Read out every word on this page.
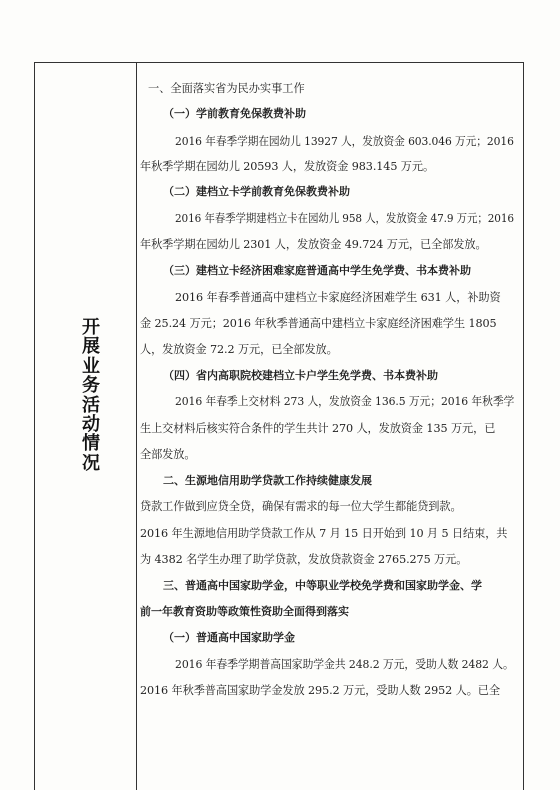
开
展
业
务
活
动
情
况
一、全面落实省为民办实事工作
（一）学前教育免保教费补助
2016 年春季学期在园幼儿 13927 人，发放资金 603.046 万元；2016
年秋季学期在园幼儿 20593 人，发放资金 983.145 万元。
（二）建档立卡学前教育免保教费补助
2016 年春季学期建档立卡在园幼儿 958 人，发放资金 47.9 万元；2016
年秋季学期在园幼儿 2301 人，发放资金 49.724 万元，已全部发放。
（三）建档立卡经济困难家庭普通高中学生免学费、书本费补助
2016 年春季普通高中建档立卡家庭经济困难学生 631 人，补助资
金 25.24 万元；2016 年秋季普通高中建档立卡家庭经济困难学生 1805
人，发放资金 72.2 万元，已全部发放。
（四）省内高职院校建档立卡户学生免学费、书本费补助
2016 年春季上交材料 273 人，发放资金 136.5 万元；2016 年秋季学
生上交材料后核实符合条件的学生共计 270 人，发放资金 135 万元，已
全部发放。
二、生源地信用助学贷款工作持续健康发展
贷款工作做到应贷全贷，确保有需求的每一位大学生都能贷到款。
2016 年生源地信用助学贷款工作从 7 月 15 日开始到 10 月 5 日结束，共
为 4382 名学生办理了助学贷款，发放贷款资金 2765.275 万元。
三、普通高中国家助学金，中等职业学校免学费和国家助学金、学
前一年教育资助等政策性资助全面得到落实
（一）普通高中国家助学金
2016 年春季学期普高国家助学金共 248.2 万元，受助人数 2482 人。
2016 年秋季普高国家助学金发放 295.2 万元，受助人数 2952 人。已全
